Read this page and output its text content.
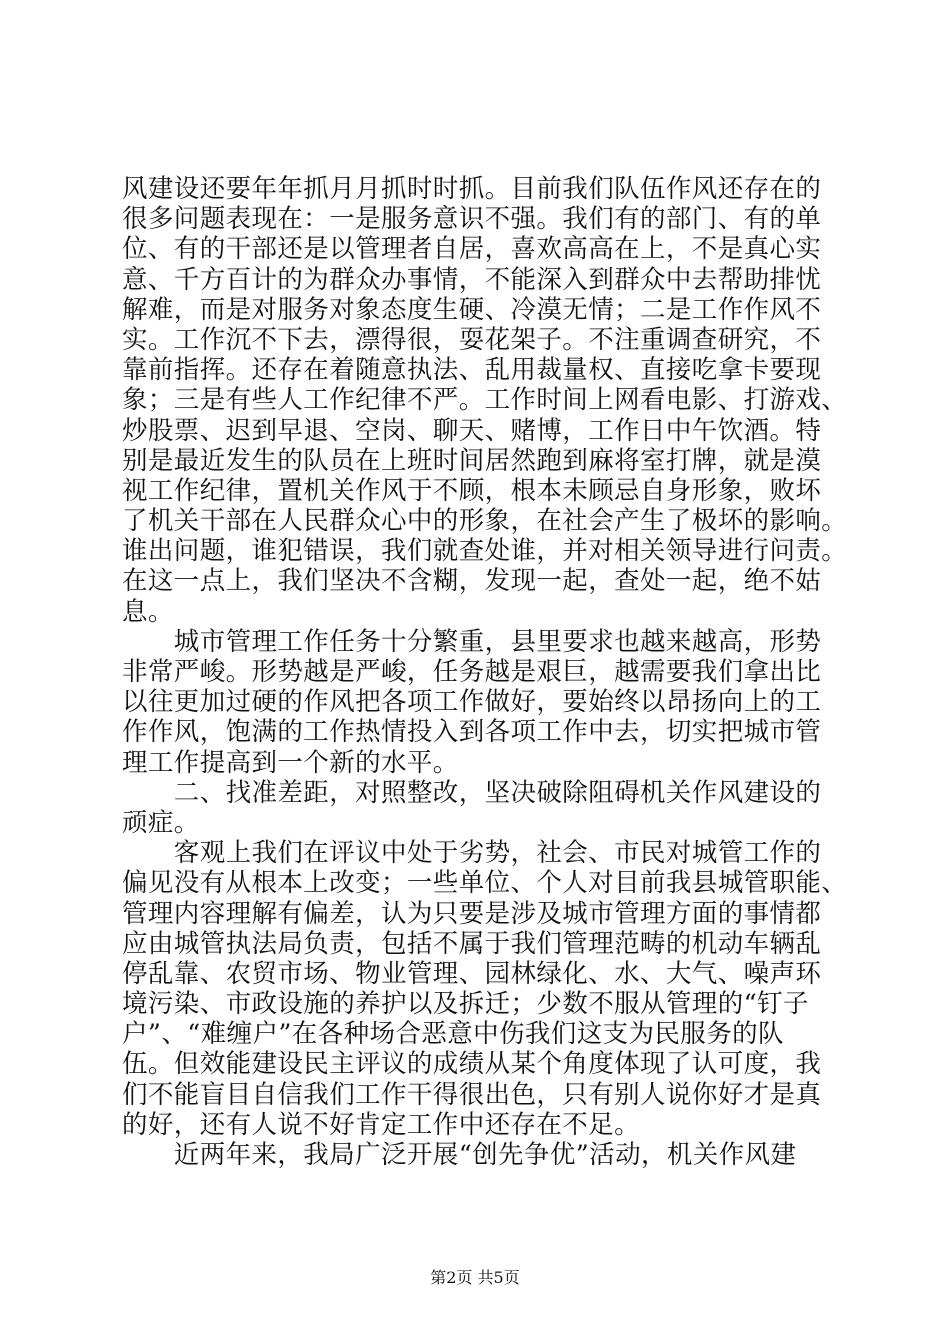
风建设还要年年抓月月抓时时抓。目前我们队伍作风还存在的
很多问题表现在：一是服务意识不强。我们有的部门、有的单
位、有的干部还是以管理者自居，喜欢高高在上，不是真心实
意、千方百计的为群众办事情，不能深入到群众中去帮助排忧
解难，而是对服务对象态度生硬、冷漠无情；二是工作作风不
实。工作沉不下去，漂得很，耍花架子。不注重调查研究，不
靠前指挥。还存在着随意执法、乱用裁量权、直接吃拿卡要现
象；三是有些人工作纪律不严。工作时间上网看电影、打游戏、
炒股票、迟到早退、空岗、聊天、赌博，工作日中午饮酒。特
别是最近发生的队员在上班时间居然跑到麻将室打牌，就是漠
视工作纪律，置机关作风于不顾，根本未顾忌自身形象，败坏
了机关干部在人民群众心中的形象，在社会产生了极坏的影响。
谁出问题，谁犯错误，我们就查处谁，并对相关领导进行问责。
在这一点上，我们坚决不含糊，发现一起，查处一起，绝不姑
息。
　　城市管理工作任务十分繁重，县里要求也越来越高，形势
非常严峻。形势越是严峻，任务越是艰巨，越需要我们拿出比
以往更加过硬的作风把各项工作做好，要始终以昂扬向上的工
作作风，饱满的工作热情投入到各项工作中去，切实把城市管
理工作提高到一个新的水平。
　　二、找准差距，对照整改，坚决破除阻碍机关作风建设的
顽症。
　　客观上我们在评议中处于劣势，社会、市民对城管工作的
偏见没有从根本上改变；一些单位、个人对目前我县城管职能、
管理内容理解有偏差，认为只要是涉及城市管理方面的事情都
应由城管执法局负责，包括不属于我们管理范畴的机动车辆乱
停乱靠、农贸市场、物业管理、园林绿化、水、大气、噪声环
境污染、市政设施的养护以及拆迁；少数不服从管理的“钉子
户”、“难缠户”在各种场合恶意中伤我们这支为民服务的队
伍。但效能建设民主评议的成绩从某个角度体现了认可度，我
们不能盲目自信我们工作干得很出色，只有别人说你好才是真
的好，还有人说不好肯定工作中还存在不足。
　　近两年来，我局广泛开展“创先争优”活动，机关作风建
第2页 共5页
